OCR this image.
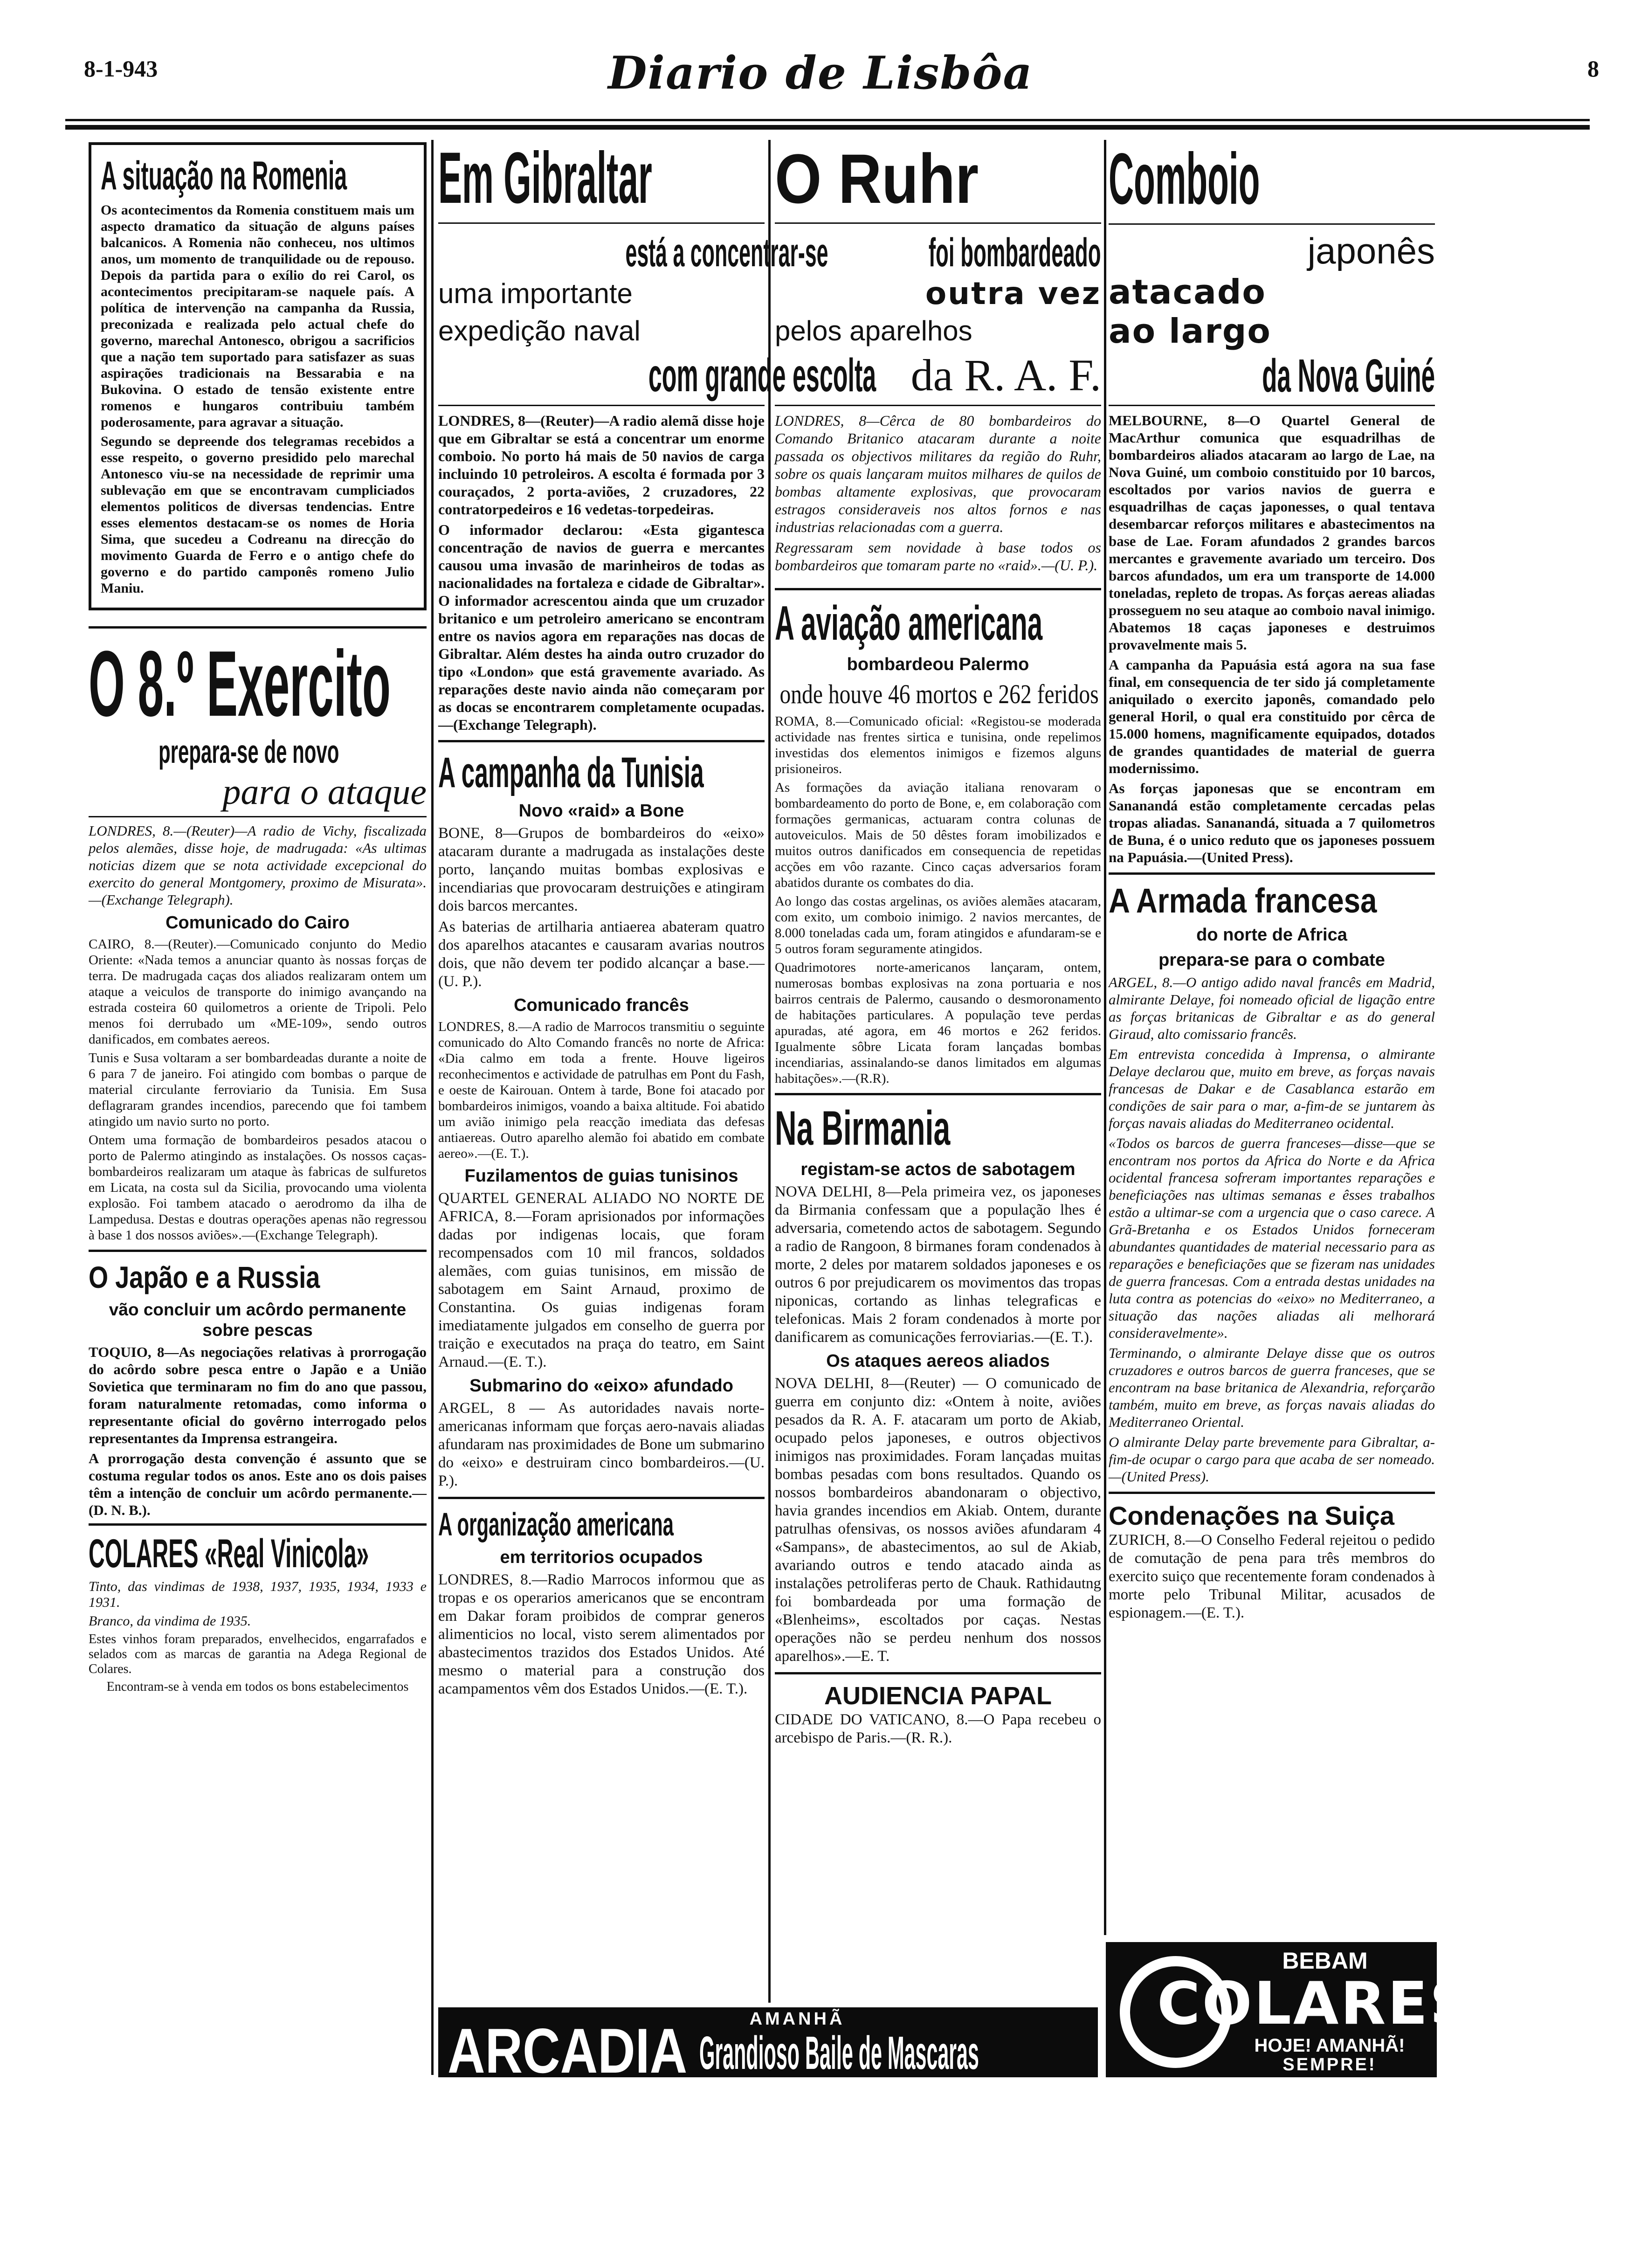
8-1-943	Diario de Lisbôa	8
A situação na Romenia

Os acontecimentos da Romenia constituem mais um aspecto dramatico da situação de alguns países balcanicos. A Romenia não conheceu, nos ultimos anos, um momento de tranquilidade ou de repouso. Depois da partida para o exílio do rei Carol, os acontecimentos precipitaram-se naquele país. A política de intervenção na campanha da Russia, preconizada e realizada pelo actual chefe do governo, marechal Antonesco, obrigou a sacrificios que a nação tem suportado para satisfazer as suas aspirações tradicionais na Bessarabia e na Bukovina. O estado de tensão existente entre romenos e hungaros contribuiu também poderosamente, para agravar a situação.

Segundo se depreende dos telegramas recebidos a esse respeito, o governo presidido pelo marechal Antonesco viu-se na necessidade de reprimir uma sublevação em que se encontravam cumpliciados elementos politicos de diversas tendencias. Entre esses elementos destacam-se os nomes de Horia Sima, que sucedeu a Codreanu na direcção do movimento Guarda de Ferro e o antigo chefe do governo e do partido camponês romeno Julio Maniu.

O 8.º Exercito
prepara-se de novo
para o ataque

LONDRES, 8.—(Reuter)—A radio de Vichy, fiscalizada pelos alemães, disse hoje, de madrugada: «As ultimas noticias dizem que se nota actividade excepcional do exercito do general Montgomery, proximo de Misurata».—(Exchange Telegraph).

Comunicado do Cairo

CAIRO, 8.—(Reuter).—Comunicado conjunto do Medio Oriente: «Nada temos a anunciar quanto às nossas forças de terra. De madrugada caças dos aliados realizaram ontem um ataque a veiculos de transporte do inimigo avançando na estrada costeira 60 quilometros a oriente de Tripoli. Pelo menos foi derrubado um «ME-109», sendo outros danificados, em combates aereos.

Tunis e Susa voltaram a ser bombardeadas durante a noite de 6 para 7 de janeiro. Foi atingido com bombas o parque de material circulante ferroviario da Tunisia. Em Susa deflagraram grandes incendios, parecendo que foi tambem atingido um navio surto no porto.

Ontem uma formação de bombardeiros pesados atacou o porto de Palermo atingindo as instalações. Os nossos caças-bombardeiros realizaram um ataque às fabricas de sulfuretos em Licata, na costa sul da Sicilia, provocando uma violenta explosão. Foi tambem atacado o aerodromo da ilha de Lampedusa. Destas e doutras operações apenas não regressou à base 1 dos nossos aviões».—(Exchange Telegraph).

O Japão e a Russia
vão concluir um acôrdo permanente sobre pescas

TOQUIO, 8—As negociações relativas à prorrogação do acôrdo sobre pesca entre o Japão e a União Sovietica que terminaram no fim do ano que passou, foram naturalmente retomadas, como informa o representante oficial do govêrno interrogado pelos representantes da Imprensa estrangeira.

A prorrogação desta convenção é assunto que se costuma regular todos os anos. Este ano os dois paises têm a intenção de concluir um acôrdo permanente.—(D. N. B.).

COLARES «Real Vinicola»

Tinto, das vindimas de 1938, 1937, 1935, 1934, 1933 e 1931.

Branco, da vindima de 1935.

Estes vinhos foram preparados, envelhecidos, engarrafados e selados com as marcas de garantia na Adega Regional de Colares.

Encontram-se à venda em todos os bons estabelecimentos

Em Gibraltar
está a concentrar-se
uma importante
expedição naval
com grande escolta

LONDRES, 8—(Reuter)—A radio alemã disse hoje que em Gibraltar se está a concentrar um enorme comboio. No porto há mais de 50 navios de carga incluindo 10 petroleiros. A escolta é formada por 3 couraçados, 2 porta-aviões, 2 cruzadores, 22 contratorpedeiros e 16 vedetas-torpedeiras.

O informador declarou: «Esta gigantesca concentração de navios de guerra e mercantes causou uma invasão de marinheiros de todas as nacionalidades na fortaleza e cidade de Gibraltar». O informador acrescentou ainda que um cruzador britanico e um petroleiro americano se encontram entre os navios agora em reparações nas docas de Gibraltar. Além destes ha ainda outro cruzador do tipo «London» que está gravemente avariado. As reparações deste navio ainda não começaram por as docas se encontrarem completamente ocupadas.—(Exchange Telegraph).

A campanha da Tunisia
Novo «raid» a Bone

BONE, 8—Grupos de bombardeiros do «eixo» atacaram durante a madrugada as instalações deste porto, lançando muitas bombas explosivas e incendiarias que provocaram destruições e atingiram dois barcos mercantes.

As baterias de artilharia antiaerea abateram quatro dos aparelhos atacantes e causaram avarias noutros dois, que não devem ter podido alcançar a base.—(U. P.).

Comunicado francês

LONDRES, 8.—A radio de Marrocos transmitiu o seguinte comunicado do Alto Comando francês no norte de Africa: «Dia calmo em toda a frente. Houve ligeiros reconhecimentos e actividade de patrulhas em Pont du Fash, e oeste de Kairouan. Ontem à tarde, Bone foi atacado por bombardeiros inimigos, voando a baixa altitude. Foi abatido um avião inimigo pela reacção imediata das defesas antiaereas. Outro aparelho alemão foi abatido em combate aereo».—(E. T.).

Fuzilamentos de guias tunisinos

QUARTEL GENERAL ALIADO NO NORTE DE AFRICA, 8.—Foram aprisionados por informações dadas por indigenas locais, que foram recompensados com 10 mil francos, soldados alemães, com guias tunisinos, em missão de sabotagem em Saint Arnaud, proximo de Constantina. Os guias indigenas foram imediatamente julgados em conselho de guerra por traição e executados na praça do teatro, em Saint Arnaud.—(E. T.).

Submarino do «eixo» afundado

ARGEL, 8 — As autoridades navais norte-americanas informam que forças aero-navais aliadas afundaram nas proximidades de Bone um submarino do «eixo» e destruiram cinco bombardeiros.—(U. P.).

A organização americana
em territorios ocupados

LONDRES, 8.—Radio Marrocos informou que as tropas e os operarios americanos que se encontram em Dakar foram proibidos de comprar generos alimenticios no local, visto serem alimentados por abastecimentos trazidos dos Estados Unidos. Até mesmo o material para a construção dos acampamentos vêm dos Estados Unidos.—(E. T.).

O Ruhr
foi bombardeado
outra vez
pelos aparelhos
da R. A. F.

LONDRES, 8—Cêrca de 80 bombardeiros do Comando Britanico atacaram durante a noite passada os objectivos militares da região do Ruhr, sobre os quais lançaram muitos milhares de quilos de bombas altamente explosivas, que provocaram estragos consideraveis nos altos fornos e nas industrias relacionadas com a guerra.

Regressaram sem novidade à base todos os bombardeiros que tomaram parte no «raid».—(U. P.).

A aviação americana
bombardeou Palermo
onde houve 46 mortos e 262 feridos

ROMA, 8.—Comunicado oficial: «Registou-se moderada actividade nas frentes sirtica e tunisina, onde repelimos investidas dos elementos inimigos e fizemos alguns prisioneiros.

As formações da aviação italiana renovaram o bombardeamento do porto de Bone, e, em colaboração com formações germanicas, actuaram contra colunas de autoveiculos. Mais de 50 dêstes foram imobilizados e muitos outros danificados em consequencia de repetidas acções em vôo razante. Cinco caças adversarios foram abatidos durante os combates do dia.

Ao longo das costas argelinas, os aviões alemães atacaram, com exito, um comboio inimigo. 2 navios mercantes, de 8.000 toneladas cada um, foram atingidos e afundaram-se e 5 outros foram seguramente atingidos.

Quadrimotores norte-americanos lançaram, ontem, numerosas bombas explosivas na zona portuaria e nos bairros centrais de Palermo, causando o desmoronamento de habitações particulares. A população teve perdas apuradas, até agora, em 46 mortos e 262 feridos. Igualmente sôbre Licata foram lançadas bombas incendiarias, assinalando-se danos limitados em algumas habitações».—(R.R).

Na Birmania
registam-se actos de sabotagem

NOVA DELHI, 8—Pela primeira vez, os japoneses da Birmania confessam que a população lhes é adversaria, cometendo actos de sabotagem. Segundo a radio de Rangoon, 8 birmanes foram condenados à morte, 2 deles por matarem soldados japoneses e os outros 6 por prejudicarem os movimentos das tropas niponicas, cortando as linhas telegraficas e telefonicas. Mais 2 foram condenados à morte por danificarem as comunicações ferroviarias.—(E. T.).

Os ataques aereos aliados

NOVA DELHI, 8—(Reuter) — O comunicado de guerra em conjunto diz: «Ontem à noite, aviões pesados da R. A. F. atacaram um porto de Akiab, ocupado pelos japoneses, e outros objectivos inimigos nas proximidades. Foram lançadas muitas bombas pesadas com bons resultados. Quando os nossos bombardeiros abandonaram o objectivo, havia grandes incendios em Akiab. Ontem, durante patrulhas ofensivas, os nossos aviões afundaram 4 «Sampans», de abastecimentos, ao sul de Akiab, avariando outros e tendo atacado ainda as instalações petroliferas perto de Chauk. Rathidautng foi bombardeada por uma formação de «Blenheims», escoltados por caças. Nestas operações não se perdeu nenhum dos nossos aparelhos».—E. T.

AUDIENCIA PAPAL

CIDADE DO VATICANO, 8.—O Papa recebeu o arcebispo de Paris.—(R. R.).

Comboio
japonês
atacado
ao largo
da Nova Guiné

MELBOURNE, 8—O Quartel General de MacArthur comunica que esquadrilhas de bombardeiros aliados atacaram ao largo de Lae, na Nova Guiné, um comboio constituido por 10 barcos, escoltados por varios navios de guerra e esquadrilhas de caças japonesses, o qual tentava desembarcar reforços militares e abastecimentos na base de Lae. Foram afundados 2 grandes barcos mercantes e gravemente avariado um terceiro. Dos barcos afundados, um era um transporte de 14.000 toneladas, repleto de tropas. As forças aereas aliadas prosseguem no seu ataque ao comboio naval inimigo. Abatemos 18 caças japoneses e destruimos provavelmente mais 5.

A campanha da Papuásia está agora na sua fase final, em consequencia de ter sido já completamente aniquilado o exercito japonês, comandado pelo general Horil, o qual era constituido por cêrca de 15.000 homens, magnificamente equipados, dotados de grandes quantidades de material de guerra modernissimo.

As forças japonesas que se encontram em Sananandá estão completamente cercadas pelas tropas aliadas. Sananandá, situada a 7 quilometros de Buna, é o unico reduto que os japoneses possuem na Papuásia.—(United Press).

A Armada francesa
do norte de Africa
prepara-se para o combate

ARGEL, 8.—O antigo adido naval francês em Madrid, almirante Delaye, foi nomeado oficial de ligação entre as forças britanicas de Gibraltar e as do general Giraud, alto comissario francês.

Em entrevista concedida à Imprensa, o almirante Delaye declarou que, muito em breve, as forças navais francesas de Dakar e de Casablanca estarão em condições de sair para o mar, a-fim-de se juntarem às forças navais aliadas do Mediterraneo ocidental.

«Todos os barcos de guerra franceses—disse—que se encontram nos portos da Africa do Norte e da Africa ocidental francesa sofreram importantes reparações e beneficiações nas ultimas semanas e êsses trabalhos estão a ultimar-se com a urgencia que o caso carece. A Grã-Bretanha e os Estados Unidos forneceram abundantes quantidades de material necessario para as reparações e beneficiações que se fizeram nas unidades de guerra francesas. Com a entrada destas unidades na luta contra as potencias do «eixo» no Mediterraneo, a situação das nações aliadas ali melhorará consideravelmente».

Terminando, o almirante Delaye disse que os outros cruzadores e outros barcos de guerra franceses, que se encontram na base britanica de Alexandria, reforçarão também, muito em breve, as forças navais aliadas do Mediterraneo Oriental.

O almirante Delay parte brevemente para Gibraltar, a-fim-de ocupar o cargo para que acaba de ser nomeado.—(United Press).

Condenações na Suiça

ZURICH, 8.—O Conselho Federal rejeitou o pedido de comutação de pena para três membros do exercito suiço que recentemente foram condenados à morte pelo Tribunal Militar, acusados de espionagem.—(E. T.).

BEBAM
COLARES
HOJE! AMANHÃ!
SEMPRE!
AMANHÃ
ARCADIA Grandioso Baile de Mascaras
